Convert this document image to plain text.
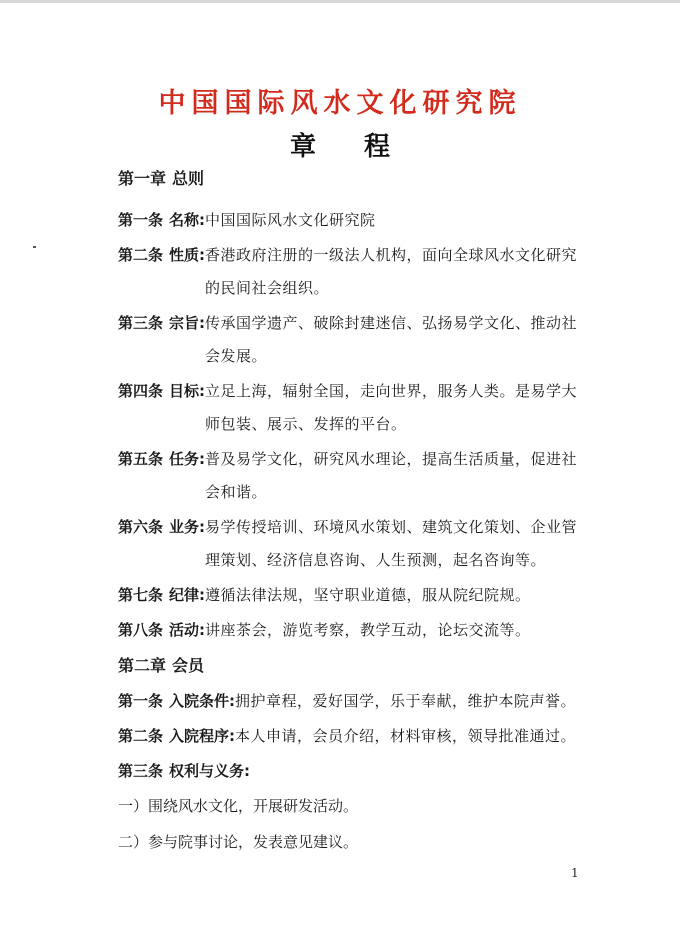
中国国际风水文化研究院
章 程
第一章 总则
第一条 名称: 中国国际风水文化研究院
第二条 性质: 香港政府注册的一级法人机构，面向全球风水文化研究的民间社会组织。
第三条 宗旨: 传承国学遗产、破除封建迷信、弘扬易学文化、推动社会发展。
第四条 目标: 立足上海，辐射全国，走向世界，服务人类。是易学大师包装、展示、发挥的平台。
第五条 任务: 普及易学文化，研究风水理论，提高生活质量，促进社会和谐。
第六条 业务: 易学传授培训、环境风水策划、建筑文化策划、企业管理策划、经济信息咨询、人生预测，起名咨询等。
第七条 纪律: 遵循法律法规，坚守职业道德，服从院纪院规。
第八条 活动: 讲座茶会，游览考察，教学互动，论坛交流等。
第二章 会员
第一条 入院条件: 拥护章程，爱好国学，乐于奉献，维护本院声誉。
第二条 入院程序: 本人申请，会员介绍，材料审核，领导批准通过。
第三条 权利与义务:
一）围绕风水文化，开展研发活动。
二）参与院事讨论，发表意见建议。
1
